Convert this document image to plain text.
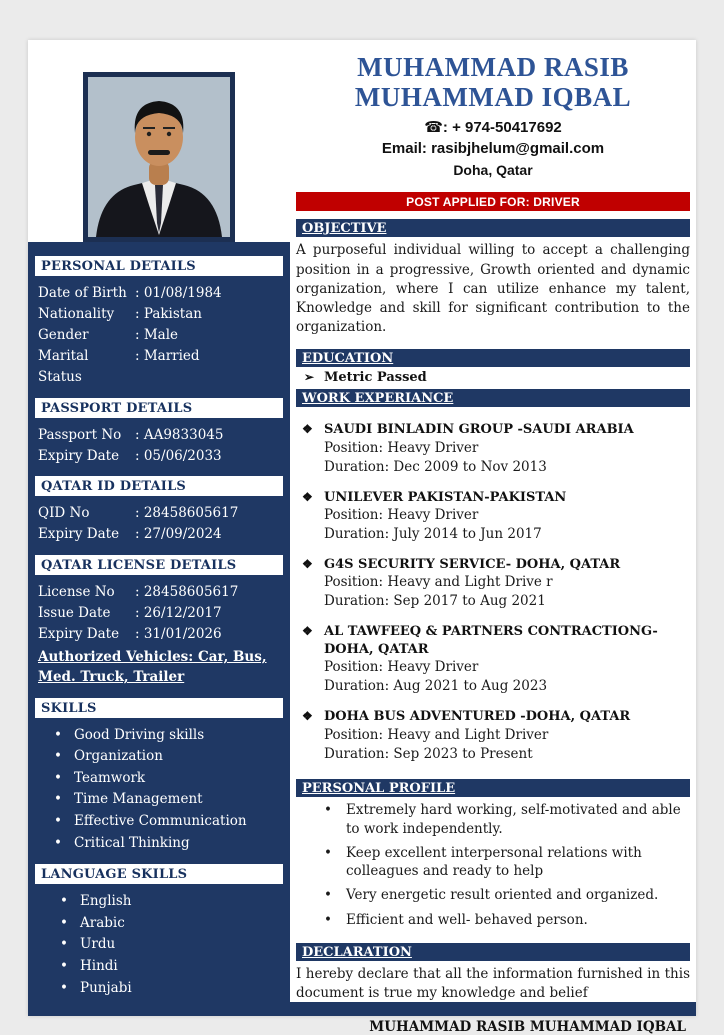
PERSONAL DETAILS
Date of Birth : 01/08/1984
Nationality	: Pakistan
Gender	: Male
Marital Status
: Married
PASSPORT DETAILS
Passport No	: AA9833045
Expiry Date	: 05/06/2033
QATAR ID DETAILS
QID No	: 28458605617
Expiry Date	: 27/09/2024
QATAR LICENSE DETAILS
License No	: 28458605617
Issue Date	: 26/12/2017
Expiry Date	: 31/01/2026
Authorized Vehicles: Car, Bus, Med. Truck, Trailer
SKILLS
• Good Driving skills
• Organization
• Teamwork
• Time Management
• Effective Communication
• Critical Thinking
LANGUAGE SKILLS
• English
• Arabic
• Urdu
• Hindi
• Punjabi
MUHAMMAD RASIB
MUHAMMAD IQBAL
☎: + 974-50417692
Email: rasibjhelum@gmail.com
Doha, Qatar
POST APPLIED FOR: DRIVER
OBJECTIVE
A purposeful individual willing to accept a challenging position in a progressive, Growth oriented and dynamic organization, where I can utilize enhance my talent, Knowledge and skill for significant contribution to the organization.
EDUCATION
➢ Metric Passed
WORK EXPERIANCE
❖ SAUDI BINLADIN GROUP -SAUDI ARABIA
Position: Heavy Driver
Duration: Dec 2009 to Nov 2013
❖ UNILEVER PAKISTAN-PAKISTAN
Position: Heavy Driver
Duration: July 2014 to Jun 2017
❖ G4S SECURITY SERVICE- DOHA, QATAR
Position: Heavy and Light Drive r
Duration: Sep 2017 to Aug 2021
❖ AL TAWFEEQ & PARTNERS CONTRACTIONG-DOHA, QATAR
Position: Heavy Driver
Duration: Aug 2021 to Aug 2023
❖ DOHA BUS ADVENTURED -DOHA, QATAR
Position: Heavy and Light Driver
Duration: Sep 2023 to Present
PERSONAL PROFILE
•	Extremely hard working, self-motivated and able to work independently.
•	Keep excellent interpersonal relations with colleagues and ready to help
•	Very energetic result oriented and organized.
•	Efficient and well- behaved person.
DECLARATION
I hereby declare that all the information furnished in this document is true my knowledge and belief
MUHAMMAD RASIB MUHAMMAD IQBAL
